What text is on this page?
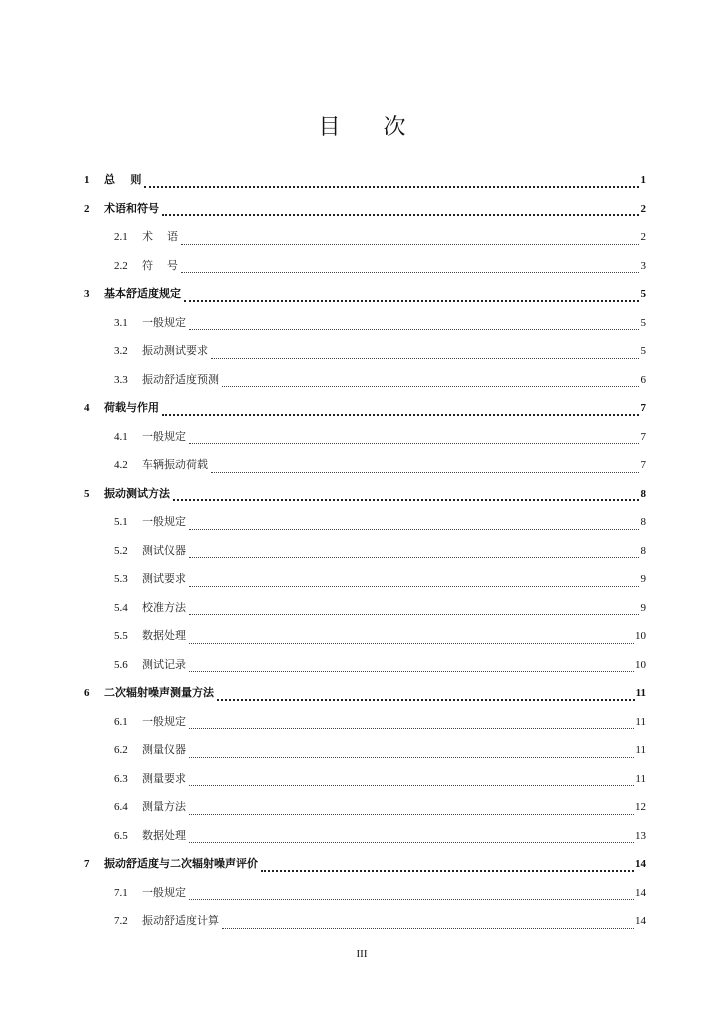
目 次
1	总    则	1
2	术语和符号	2
2.1	术    语	2
2.2	符    号	3
3	基本舒适度规定	5
3.1	一般规定	5
3.2	振动测试要求	5
3.3	振动舒适度预测	6
4	荷载与作用	7
4.1	一般规定	7
4.2	车辆振动荷载	7
5	振动测试方法	8
5.1	一般规定	8
5.2	测试仪器	8
5.3	测试要求	9
5.4	校准方法	9
5.5	数据处理	10
5.6	测试记录	10
6	二次辐射噪声测量方法	11
6.1	一般规定	11
6.2	测量仪器	11
6.3	测量要求	11
6.4	测量方法	12
6.5	数据处理	13
7	振动舒适度与二次辐射噪声评价	14
7.1	一般规定	14
7.2	振动舒适度计算	14
III
